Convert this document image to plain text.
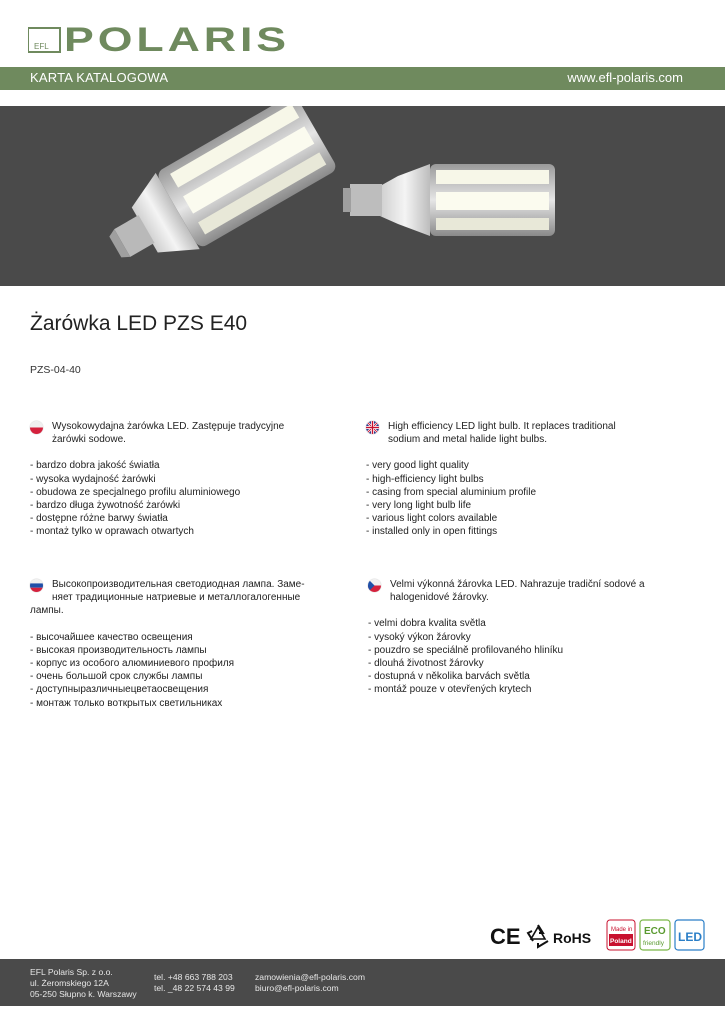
EFL POLARIS
KARTA KATALOGOWA	www.efl-polaris.com
Żarówka LED PZS E40
PZS-04-40
Wysokowydajna żarówka LED. Zastępuje tradycyjne
żarówki sodowe.
- bardzo dobra jakość światła
- wysoka wydajność żarówki
- obudowa ze specjalnego profilu aluminiowego
- bardzo długa żywotność żarówki
- dostępne różne barwy światła
- montaż tylko w oprawach otwartych
High efficiency LED light bulb. It replaces traditional
sodium and metal halide light bulbs.
- very good light quality
- high-efficiency light bulbs
- casing from special aluminium profile
- very long light bulb life
- various light colors available
- installed only in open fittings
Высокопроизводительная светодиодная лампа. Заме-
няет традиционные натриевые и металлогалогенные
лампы.
- высочайшее качество освещения
- высокая производительность лампы
- корпус из особого алюминиевого профиля
- очень большой срок службы лампы
- доступныразличныецветаосвещения
- монтаж только вoткрытых светильниках
Velmi výkonná žárovka LED. Nahrazuje tradiční sodové a
halogenidové žárovky.
- velmi dobra kvalita světla
- vysoký výkon žárovky
- pouzdro se speciálně profilovaného hliníku
- dlouhá životnost žárovky
- dostupná v několika barvách světla
- montáž pouze v otevřených krytech
CE RoHS	Made in
Poland
ECO
friendly LED
EFL Polaris Sp. z o.o.
ul. Żeromskiego 12A
05-250 Słupno k. Warszawy
tel. +48 663 788 203
tel. _48 22 574 43 99
zamowienia@efl-polaris.com
biuro@efl-polaris.com
